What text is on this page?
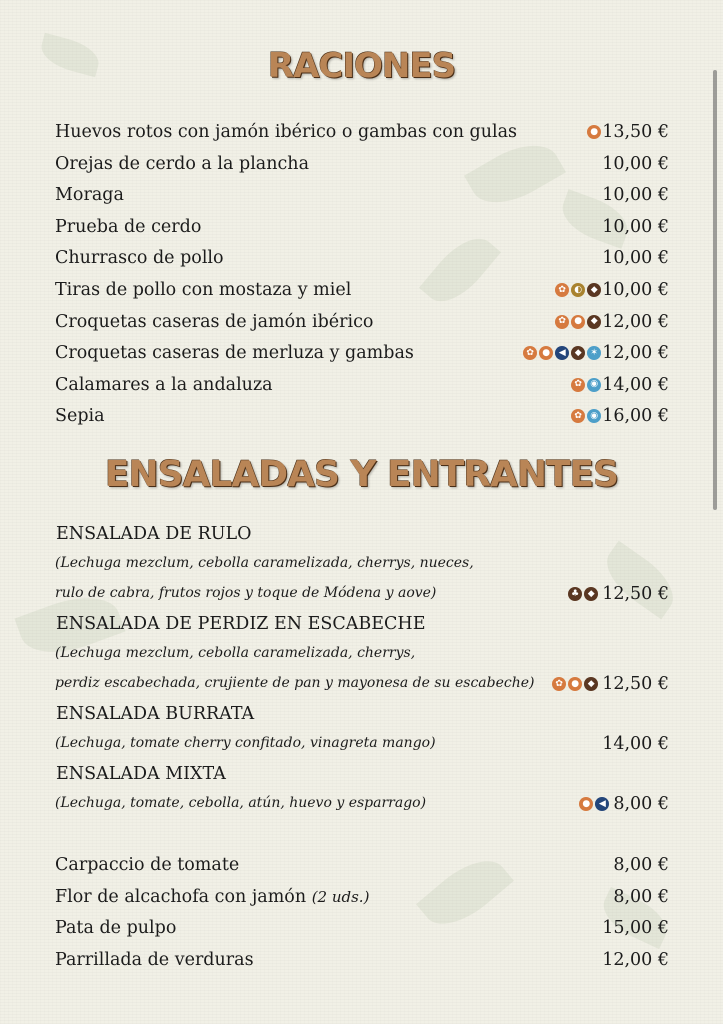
RACIONES
Huevos rotos con jamón ibérico o gambas con gulas	● 13,50 €
Orejas de cerdo a la plancha	10,00 €
Moraga	10,00 €
Prueba de cerdo	10,00 €
Churrasco de pollo	10,00 €
Tiras de pollo con mostaza y miel	✿ ◐ ◆ 10,00 €
Croquetas caseras de jamón ibérico	✿ ● ◆ 12,00 €
Croquetas caseras de merluza y gambas	✿ ● ◀	◆ ✶ 12,00 €
Calamares a la andaluza	✿ ◉ 14,00 €
Sepia	✿ ◉ 16,00 €
ENSALADAS Y ENTRANTES
ENSALADA DE RULO
(Lechuga mezclum, cebolla caramelizada, cherrys, nueces,
rulo de cabra, frutos rojos y toque de Módena y aove)	♣ ◆ 12,50 €
ENSALADA DE PERDIZ EN ESCABECHE
(Lechuga mezclum, cebolla caramelizada, cherrys,
perdiz escabechada, crujiente de pan y mayonesa de su escabeche)	✿ ● ◆ 12,50 €
ENSALADA BURRATA
(Lechuga, tomate cherry confitado, vinagreta mango)	14,00 €
ENSALADA MIXTA
(Lechuga, tomate, cebolla, atún, huevo y esparrago)	● ◀ 8,00 €
Carpaccio de tomate	8,00 €
Flor de alcachofa con jamón (2 uds.)	8,00 €
Pata de pulpo	15,00 €
Parrillada de verduras	12,00 €
